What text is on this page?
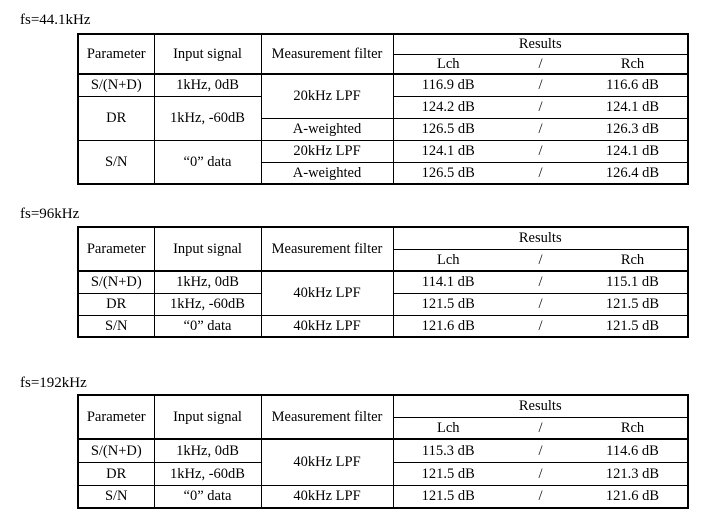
fs=44.1kHz
Parameter	Input signal	Measurement filter	Results		
			Lch	/	Rch
S/(N+D)	1kHz, 0dB	20kHz LPF	116.9 dB	/	116.6 dB
DR	1kHz, -60dB		124.2 dB	/	124.1 dB
		A-weighted	126.5 dB	/	126.3 dB
S/N	“0” data	20kHz LPF	124.1 dB	/	124.1 dB
		A-weighted	126.5 dB	/	126.4 dB
fs=96kHz
Parameter	Input signal	Measurement filter	Results		
			Lch	/	Rch
S/(N+D)	1kHz, 0dB	40kHz LPF	114.1 dB	/	115.1 dB
DR	1kHz, -60dB		121.5 dB	/	121.5 dB
S/N	“0” data	40kHz LPF	121.6 dB	/	121.5 dB
fs=192kHz
Parameter	Input signal	Measurement filter	Results		
			Lch	/	Rch
S/(N+D)	1kHz, 0dB	40kHz LPF	115.3 dB	/	114.6 dB
DR	1kHz, -60dB		121.5 dB	/	121.3 dB
S/N	“0” data	40kHz LPF	121.5 dB	/	121.6 dB
